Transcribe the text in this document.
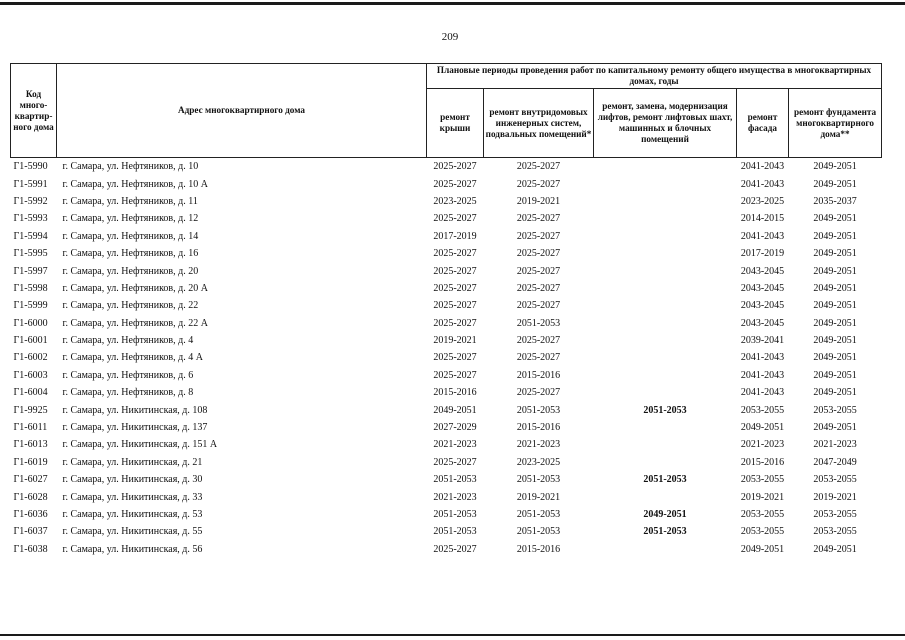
209
Код много-квартир-ного дома	Адрес многоквартирного дома	Плановые периоды проведения работ по капитальному ремонту общего имущества в многоквартирных домах, годы				
		ремонт крыши	ремонт внутридомовых инженерных систем, подвальных помещений*	ремонт, замена, модернизация лифтов, ремонт лифтовых шахт, машинных и блочных помещений	ремонт фасада	ремонт фундамента многоквартирного дома**
Г1-5990	г. Самара, ул. Нефтяников, д. 10	2025-2027	2025-2027		2041-2043	2049-2051
Г1-5991	г. Самара, ул. Нефтяников, д. 10 А	2025-2027	2025-2027		2041-2043	2049-2051
Г1-5992	г. Самара, ул. Нефтяников, д. 11	2023-2025	2019-2021		2023-2025	2035-2037
Г1-5993	г. Самара, ул. Нефтяников, д. 12	2025-2027	2025-2027		2014-2015	2049-2051
Г1-5994	г. Самара, ул. Нефтяников, д. 14	2017-2019	2025-2027		2041-2043	2049-2051
Г1-5995	г. Самара, ул. Нефтяников, д. 16	2025-2027	2025-2027		2017-2019	2049-2051
Г1-5997	г. Самара, ул. Нефтяников, д. 20	2025-2027	2025-2027		2043-2045	2049-2051
Г1-5998	г. Самара, ул. Нефтяников, д. 20 А	2025-2027	2025-2027		2043-2045	2049-2051
Г1-5999	г. Самара, ул. Нефтяников, д. 22	2025-2027	2025-2027		2043-2045	2049-2051
Г1-6000	г. Самара, ул. Нефтяников, д. 22 А	2025-2027	2051-2053		2043-2045	2049-2051
Г1-6001	г. Самара, ул. Нефтяников, д. 4	2019-2021	2025-2027		2039-2041	2049-2051
Г1-6002	г. Самара, ул. Нефтяников, д. 4 А	2025-2027	2025-2027		2041-2043	2049-2051
Г1-6003	г. Самара, ул. Нефтяников, д. 6	2025-2027	2015-2016		2041-2043	2049-2051
Г1-6004	г. Самара, ул. Нефтяников, д. 8	2015-2016	2025-2027		2041-2043	2049-2051
Г1-9925	г. Самара, ул. Никитинская, д. 108	2049-2051	2051-2053	2051-2053	2053-2055	2053-2055
Г1-6011	г. Самара, ул. Никитинская, д. 137	2027-2029	2015-2016		2049-2051	2049-2051
Г1-6013	г. Самара, ул. Никитинская, д. 151 А	2021-2023	2021-2023		2021-2023	2021-2023
Г1-6019	г. Самара, ул. Никитинская, д. 21	2025-2027	2023-2025		2015-2016	2047-2049
Г1-6027	г. Самара, ул. Никитинская, д. 30	2051-2053	2051-2053	2051-2053	2053-2055	2053-2055
Г1-6028	г. Самара, ул. Никитинская, д. 33	2021-2023	2019-2021		2019-2021	2019-2021
Г1-6036	г. Самара, ул. Никитинская, д. 53	2051-2053	2051-2053	2049-2051	2053-2055	2053-2055
Г1-6037	г. Самара, ул. Никитинская, д. 55	2051-2053	2051-2053	2051-2053	2053-2055	2053-2055
Г1-6038	г. Самара, ул. Никитинская, д. 56	2025-2027	2015-2016		2049-2051	2049-2051
